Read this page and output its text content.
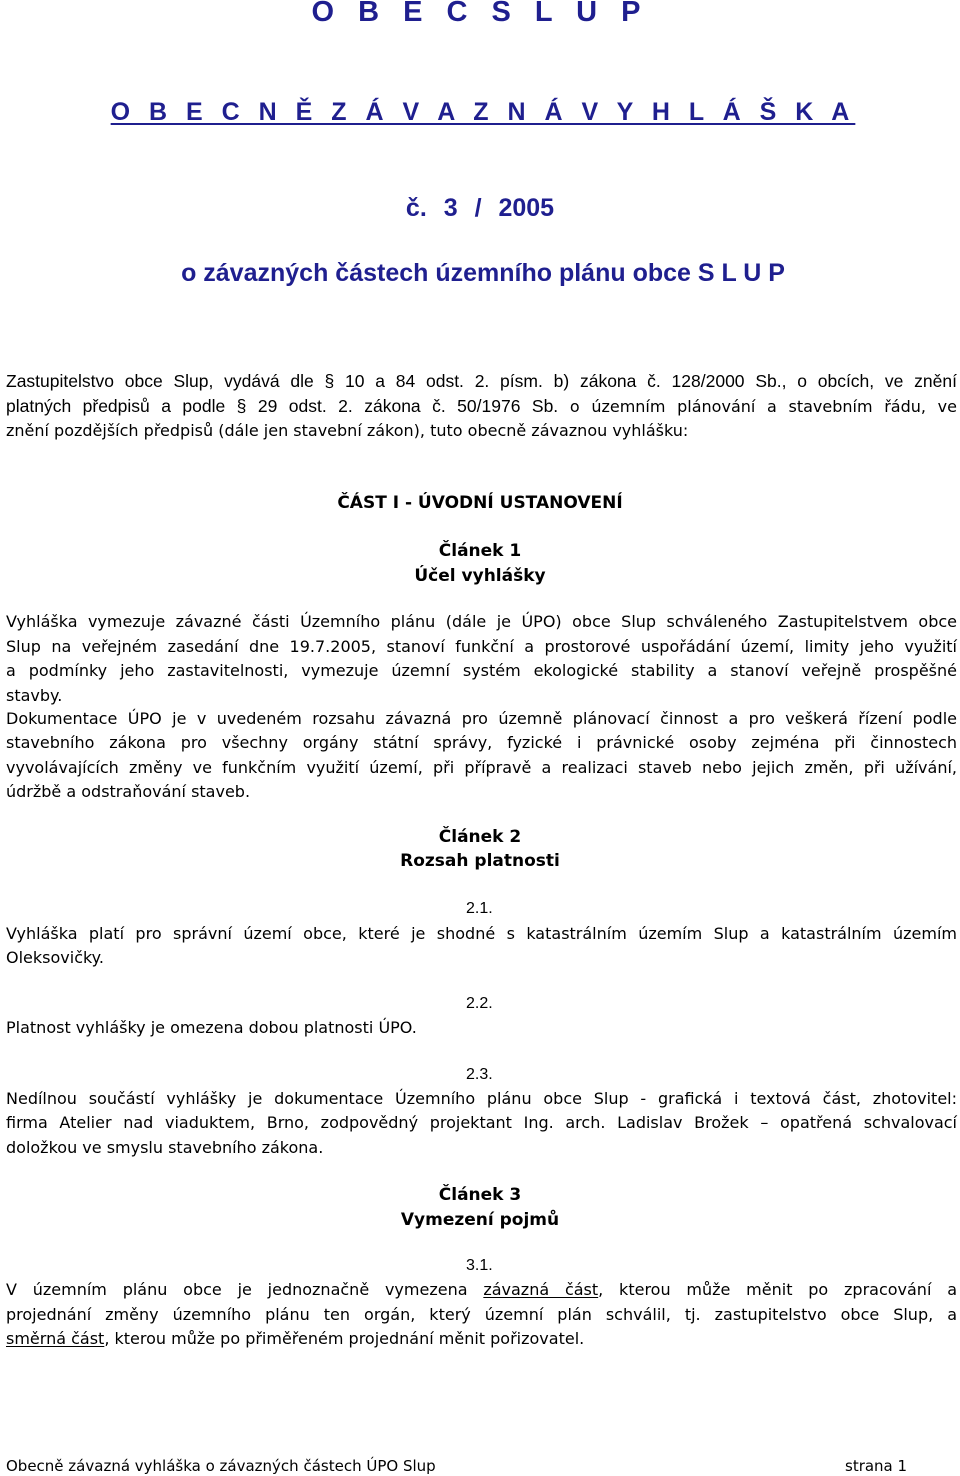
O B E C S L U P
O B E C N Ě Z Á V A Z N Á V Y H L Á Š K A
č. 3 / 2005
o závazných částech územního plánu obce S L U P
Zastupitelstvo obce Slup, vydává dle § 10 a 84 odst. 2. písm. b) zákona č. 128/2000 Sb., o obcích, ve znění
platných předpisů a podle § 29 odst. 2. zákona č. 50/1976 Sb. o územním plánování a stavebním řádu, ve
znění pozdějších předpisů (dále jen stavební zákon), tuto obecně závaznou vyhlášku:
ČÁST I - ÚVODNÍ USTANOVENÍ
Článek 1
Účel vyhlášky
Vyhláška vymezuje závazné části Územního plánu (dále je ÚPO) obce Slup schváleného Zastupitelstvem obce
Slup na veřejném zasedání dne 19.7.2005, stanoví funkční a prostorové uspořádání území, limity jeho využití
a podmínky jeho zastavitelnosti, vymezuje územní systém ekologické stability a stanoví veřejně prospěšné
stavby.
Dokumentace ÚPO je v uvedeném rozsahu závazná pro územně plánovací činnost a pro veškerá řízení podle
stavebního zákona pro všechny orgány státní správy, fyzické i právnické osoby zejména při činnostech
vyvolávajících změny ve funkčním využití území, při přípravě a realizaci staveb nebo jejich změn, při užívání,
údržbě a odstraňování staveb.
Článek 2
Rozsah platnosti
2.1.
Vyhláška platí pro správní území obce, které je shodné s katastrálním územím Slup a katastrálním územím
Oleksovičky.
2.2.
Platnost vyhlášky je omezena dobou platnosti ÚPO.
2.3.
Nedílnou součástí vyhlášky je dokumentace Územního plánu obce Slup - grafická i textová část, zhotovitel:
firma Atelier nad viaduktem, Brno, zodpovědný projektant Ing. arch. Ladislav Brožek – opatřená schvalovací
doložkou ve smyslu stavebního zákona.
Článek 3
Vymezení pojmů
3.1.
V územním plánu obce je jednoznačně vymezena závazná část, kterou může měnit po zpracování a
projednání změny územního plánu ten orgán, který územní plán schválil, tj. zastupitelstvo obce Slup, a
směrná část, kterou může po přiměřeném projednání měnit pořizovatel.
Obecně závazná vyhláška o závazných částech ÚPO Slup	strana 1
